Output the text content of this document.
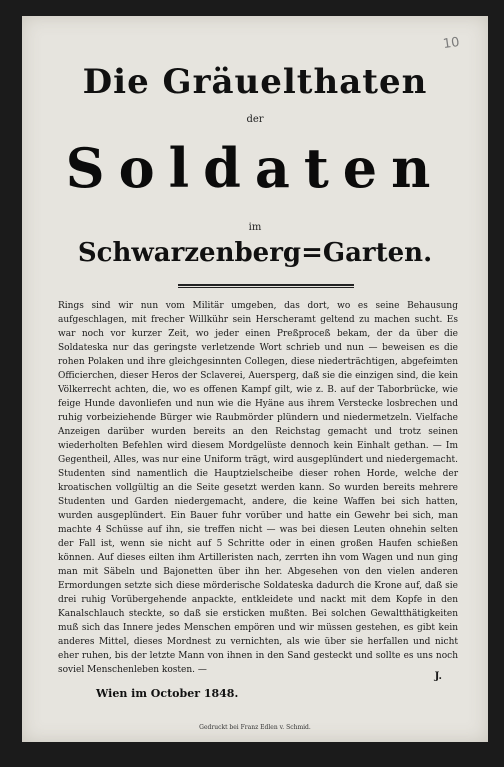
10
Die Gräuelthaten
der
Soldaten
im
Schwarzenberg=Garten.

Rings sind wir nun vom Militär umgeben, das dort, wo es seine Behausung aufgeschlagen, mit frecher Willkühr sein Herscheramt geltend zu machen sucht. Es war noch vor kurzer Zeit, wo jeder einen Preßproceß bekam, der da über die Soldateska nur das geringste verletzende Wort schrieb und nun — beweisen es die rohen Polaken und ihre gleichgesinnten Collegen, diese niederträchtigen, abgefeimten Officierchen, dieser Heros der Sclaverei, Auersperg, daß sie die einzigen sind, die kein Völkerrecht achten, die, wo es offenen Kampf gilt, wie z. B. auf der Taborbrücke, wie feige Hunde davonliefen und nun wie die Hyäne aus ihrem Verstecke losbrechen und ruhig vorbeiziehende Bürger wie Raubmörder plündern und niedermetzeln. Vielfache Anzeigen darüber wurden bereits an den Reichstag gemacht und trotz seinen wiederholten Befehlen wird diesem Mordgelüste dennoch kein Einhalt gethan. — Im Gegentheil, Alles, was nur eine Uniform trägt, wird ausgeplündert und niedergemacht. Studenten sind namentlich die Hauptzielscheibe dieser rohen Horde, welche der kroatischen vollgültig an die Seite gesetzt werden kann. So wurden bereits mehrere Studenten und Garden niedergemacht, andere, die keine Waffen bei sich hatten, wurden ausgeplündert. Ein Bauer fuhr vorüber und hatte ein Gewehr bei sich, man machte 4 Schüsse auf ihn, sie treffen nicht — was bei diesen Leuten ohnehin selten der Fall ist, wenn sie nicht auf 5 Schritte oder in einen großen Haufen schießen können. Auf dieses eilten ihm Artilleristen nach, zerrten ihn vom Wagen und nun ging man mit Säbeln und Bajonetten über ihn her. Abgesehen von den vielen anderen Ermordungen setzte sich diese mörderische Soldateska dadurch die Krone auf, daß sie drei ruhig Vorübergehende anpackte, entkleidete und nackt mit dem Kopfe in den Kanalschlauch steckte, so daß sie ersticken mußten. Bei solchen Gewaltthätigkeiten muß sich das Innere jedes Menschen empören und wir müssen gestehen, es gibt kein anderes Mittel, dieses Mordnest zu vernichten, als wie über sie herfallen und nicht eher ruhen, bis der letzte Mann von ihnen in den Sand gesteckt und sollte es uns noch soviel Menschenleben kosten. —

J.
Wien im October 1848.
Gedruckt bei Franz Edlen v. Schmid.
